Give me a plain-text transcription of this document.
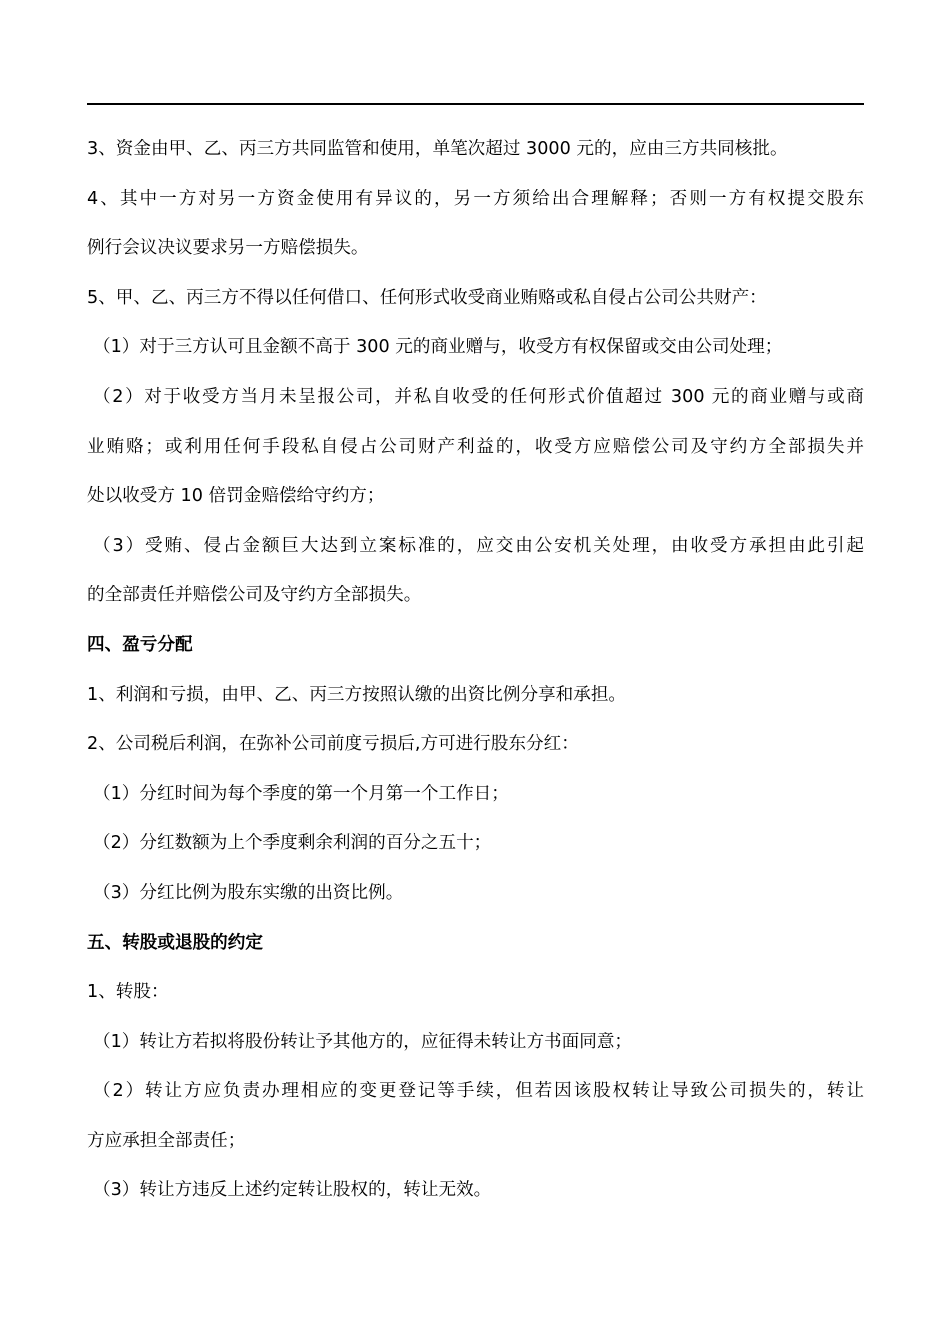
3、资金由甲、乙、丙三方共同监管和使用，单笔次超过 3000 元的，应由三方共同核批。
4、其中一方对另一方资金使用有异议的，另一方须给出合理解释；否则一方有权提交股东
例行会议决议要求另一方赔偿损失。
5、甲、乙、丙三方不得以任何借口、任何形式收受商业贿赂或私自侵占公司公共财产：
（1）对于三方认可且金额不高于 300 元的商业赠与，收受方有权保留或交由公司处理；
（2）对于收受方当月未呈报公司，并私自收受的任何形式价值超过 300 元的商业赠与或商
业贿赂；或利用任何手段私自侵占公司财产利益的，收受方应赔偿公司及守约方全部损失并
处以收受方 10 倍罚金赔偿给守约方；
（3）受贿、侵占金额巨大达到立案标准的，应交由公安机关处理，由收受方承担由此引起
的全部责任并赔偿公司及守约方全部损失。
四、盈亏分配
1、利润和亏损，由甲、乙、丙三方按照认缴的出资比例分享和承担。
2、公司税后利润，在弥补公司前度亏损后,方可进行股东分红：
（1）分红时间为每个季度的第一个月第一个工作日；
（2）分红数额为上个季度剩余利润的百分之五十；
（3）分红比例为股东实缴的出资比例。
五、转股或退股的约定
1、转股：
（1）转让方若拟将股份转让予其他方的，应征得未转让方书面同意；
（2）转让方应负责办理相应的变更登记等手续，但若因该股权转让导致公司损失的，转让
方应承担全部责任；
（3）转让方违反上述约定转让股权的，转让无效。
